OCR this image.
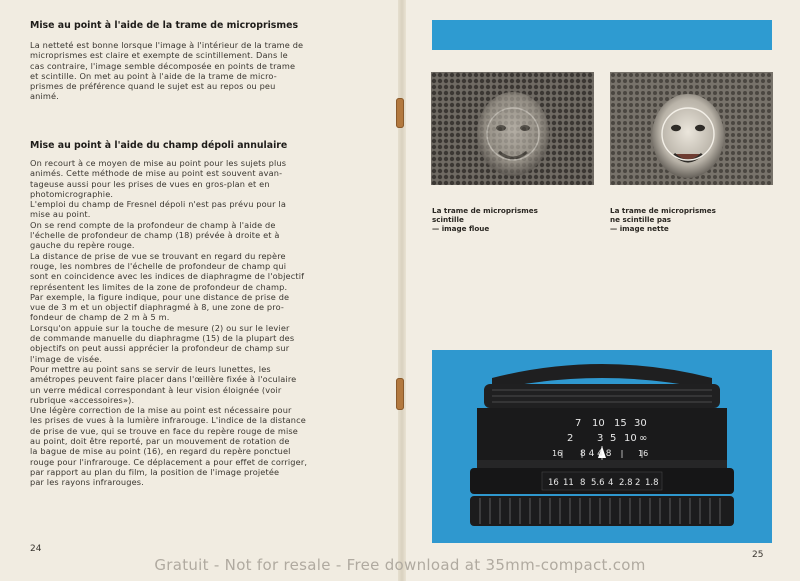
Mise au point à l'aide de la trame de microprismes

La netteté est bonne lorsque l'image à l'intérieur de la trame de
microprismes est claire et exempte de scintillement. Dans le
cas contraire, l'image semble décomposée en points de trame
et scintille. On met au point à l'aide de la trame de micro-
prismes de préférence quand le sujet est au repos ou peu
animé.

Mise au point à l'aide du champ dépoli annulaire

On recourt à ce moyen de mise au point pour les sujets plus
animés. Cette méthode de mise au point est souvent avan-
tageuse aussi pour les prises de vues en gros-plan et en
photomicrographie.
L'emploi du champ de Fresnel dépoli n'est pas prévu pour la
mise au point.
On se rend compte de la profondeur de champ à l'aide de
l'échelle de profondeur de champ (18) prévée à droite et à
gauche du repère rouge.
La distance de prise de vue se trouvant en regard du repère
rouge, les nombres de l'échelle de profondeur de champ qui
sont en coincidence avec les indices de diaphragme de l'objectif
représentent les limites de la zone de profondeur de champ.
Par exemple, la figure indique, pour une distance de prise de
vue de 3 m et un objectif diaphragmé à 8, une zone de pro-
fondeur de champ de 2 m à 5 m.
Lorsqu'on appuie sur la touche de mesure (2) ou sur le levier
de commande manuelle du diaphragme (15) de la plupart des
objectifs on peut aussi apprécier la profondeur de champ sur
l'image de visée.
Pour mettre au point sans se servir de leurs lunettes, les
amétropes peuvent faire placer dans l'œillère fixée à l'oculaire
un verre médical correspondant à leur vision éloignée (voir
rubrique «accessoires»).
Une légère correction de la mise au point est nécessaire pour
les prises de vues à la lumière infrarouge. L'indice de la distance
de prise de vue, qui se trouve en face du repère rouge de mise
au point, doit être reporté, par un mouvement de rotation de
la bague de mise au point (16), en regard du repère ponctuel
rouge pour l'infrarouge. Ce déplacement a pour effet de corriger,
par rapport au plan du film, la position de l'image projetée
par les rayons infrarouges.

24

La trame de microprismes
scintille
— image floue

La trame de microprismes
ne scintille pas
— image nette

7 10 15 30
2 3 5 10 ∞
16 8 4 4 8	16
16 11 8 5.6 4 2.8 2 1.8
25
Gratuit - Not for resale - Free download at 35mm-compact.com
